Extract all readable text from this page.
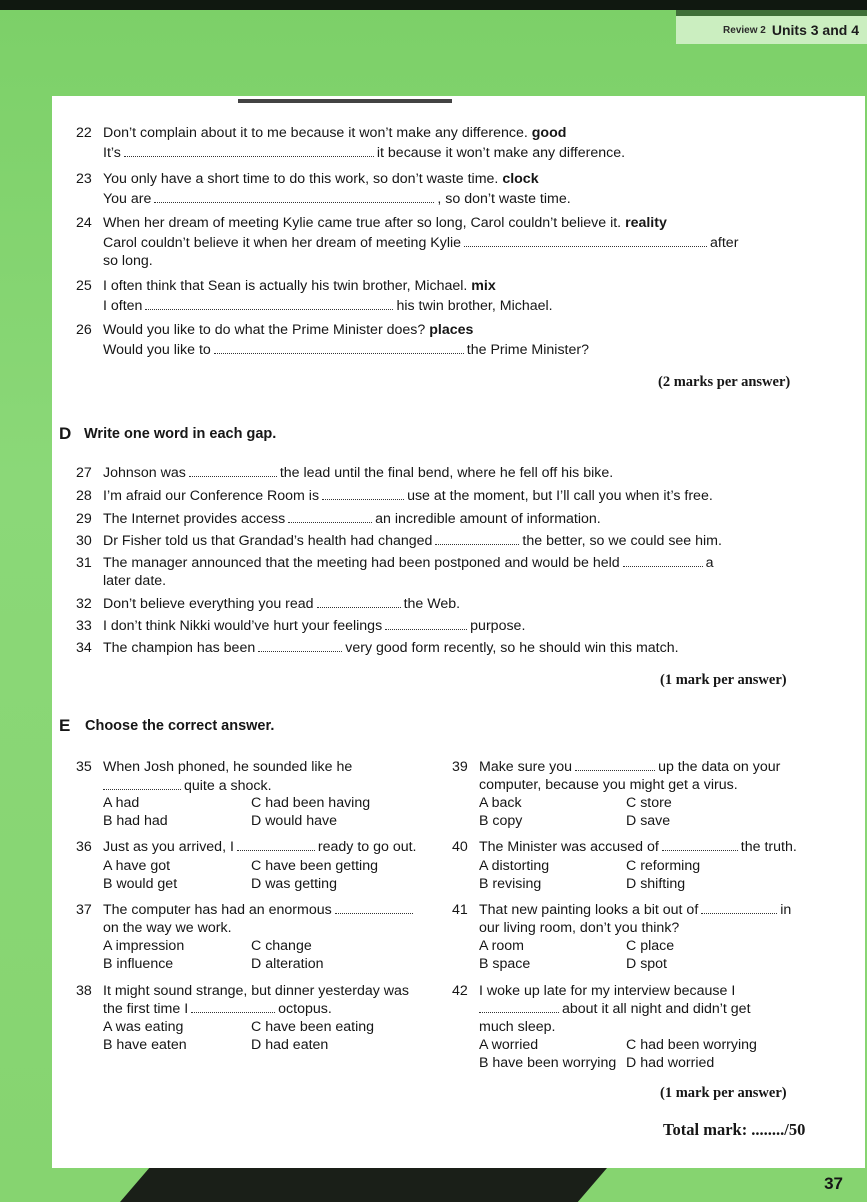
Review 2 Units 3 and 4
22 Don’t complain about it to me because it won’t make any difference. good
It’s	it because it won’t make any difference.
23 You only have a short time to do this work, so don’t waste time. clock
You are	, so don’t waste time.
24 When her dream of meeting Kylie came true after so long, Carol couldn’t believe it. reality
Carol couldn’t believe it when her dream of meeting Kylie	after
so long.
25 I often think that Sean is actually his twin brother, Michael. mix
I often	his twin brother, Michael.
26 Would you like to do what the Prime Minister does? places
Would you like to	the Prime Minister?
(2 marks per answer)
D Write one word in each gap.
27 Johnson was	the lead until the final bend, where he fell off his bike.
28 I’m afraid our Conference Room is	use at the moment, but I’ll call you when it’s free.
29 The Internet provides access	an incredible amount of information.
30 Dr Fisher told us that Grandad’s health had changed	the better, so we could see him.
31 The manager announced that the meeting had been postponed and would be held	a
later date.
32 Don’t believe everything you read	the Web.
33 I don’t think Nikki would’ve hurt your feelings	purpose.
34 The champion has been	very good form recently, so he should win this match.
(1 mark per answer)
E Choose the correct answer.
35 When Josh phoned, he sounded like he
quite a shock.
A had	C had been having
B had had	D would have
36 Just as you arrived, I	ready to go out.
A have got	C have been getting
B would get	D was getting
37 The computer has had an enormous
on the way we work.
A impression	C change
B influence	D alteration
38 It might sound strange, but dinner yesterday was
the first time I	octopus.
A was eating	C have been eating
B have eaten	D had eaten
39 Make sure you	up the data on your
computer, because you might get a virus.
A back	C store
B copy	D save
40 The Minister was accused of	the truth.
A distorting	C reforming
B revising	D shifting
41 That new painting looks a bit out of	in
our living room, don’t you think?
A room	C place
B space	D spot
42 I woke up late for my interview because I
about it all night and didn’t get
much sleep.
A worried	C had been worrying
B have been worrying D had worried
(1 mark per answer)
Total mark: ......../50
37
